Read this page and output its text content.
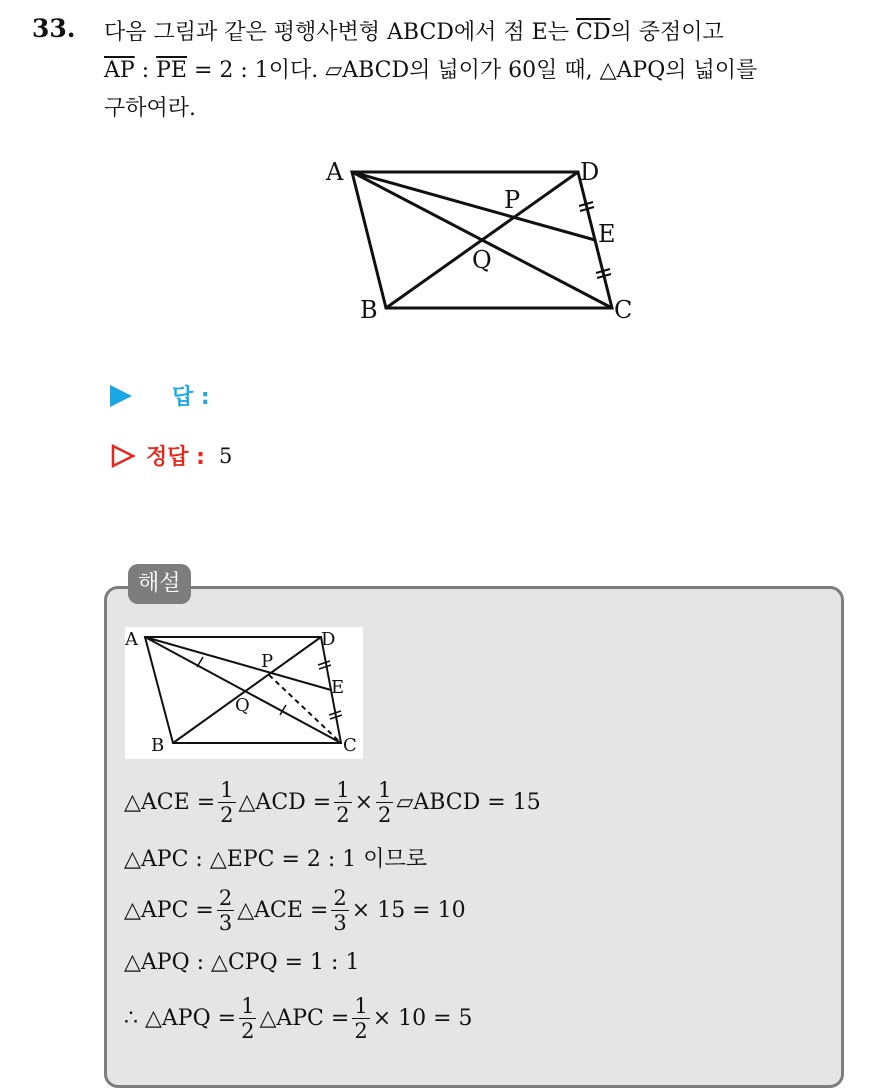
33. 다음 그림과 같은 평행사변형 ABCD에서 점 E는 $\overline{CD}$의 중점이고
$\overline{AP}$ : $\overline{PE} = 2$ : 1이다. ▱ABCD의 넓이가 60일 때, △APQ의 넓이를
구하여라.
A	D
P
E
Q
B	C
답 :
정답 : 5
해설
A	D
P
E
Q
B	C
△ACE = $\frac{1}{2}$ △ACD = $\frac{1}{2} \times \frac{1}{2}$ ▱ABCD = 15
△APC : △EPC = 2 : 1 이므로
△APC = $\frac{2}{3}$ △ACE = $\frac{2}{3} \times 15 = 10$
△APQ : △CPQ = 1 : 1
∴ △APQ = $\frac{1}{2}$ △APC = $\frac{1}{2} \times 10 = 5$
